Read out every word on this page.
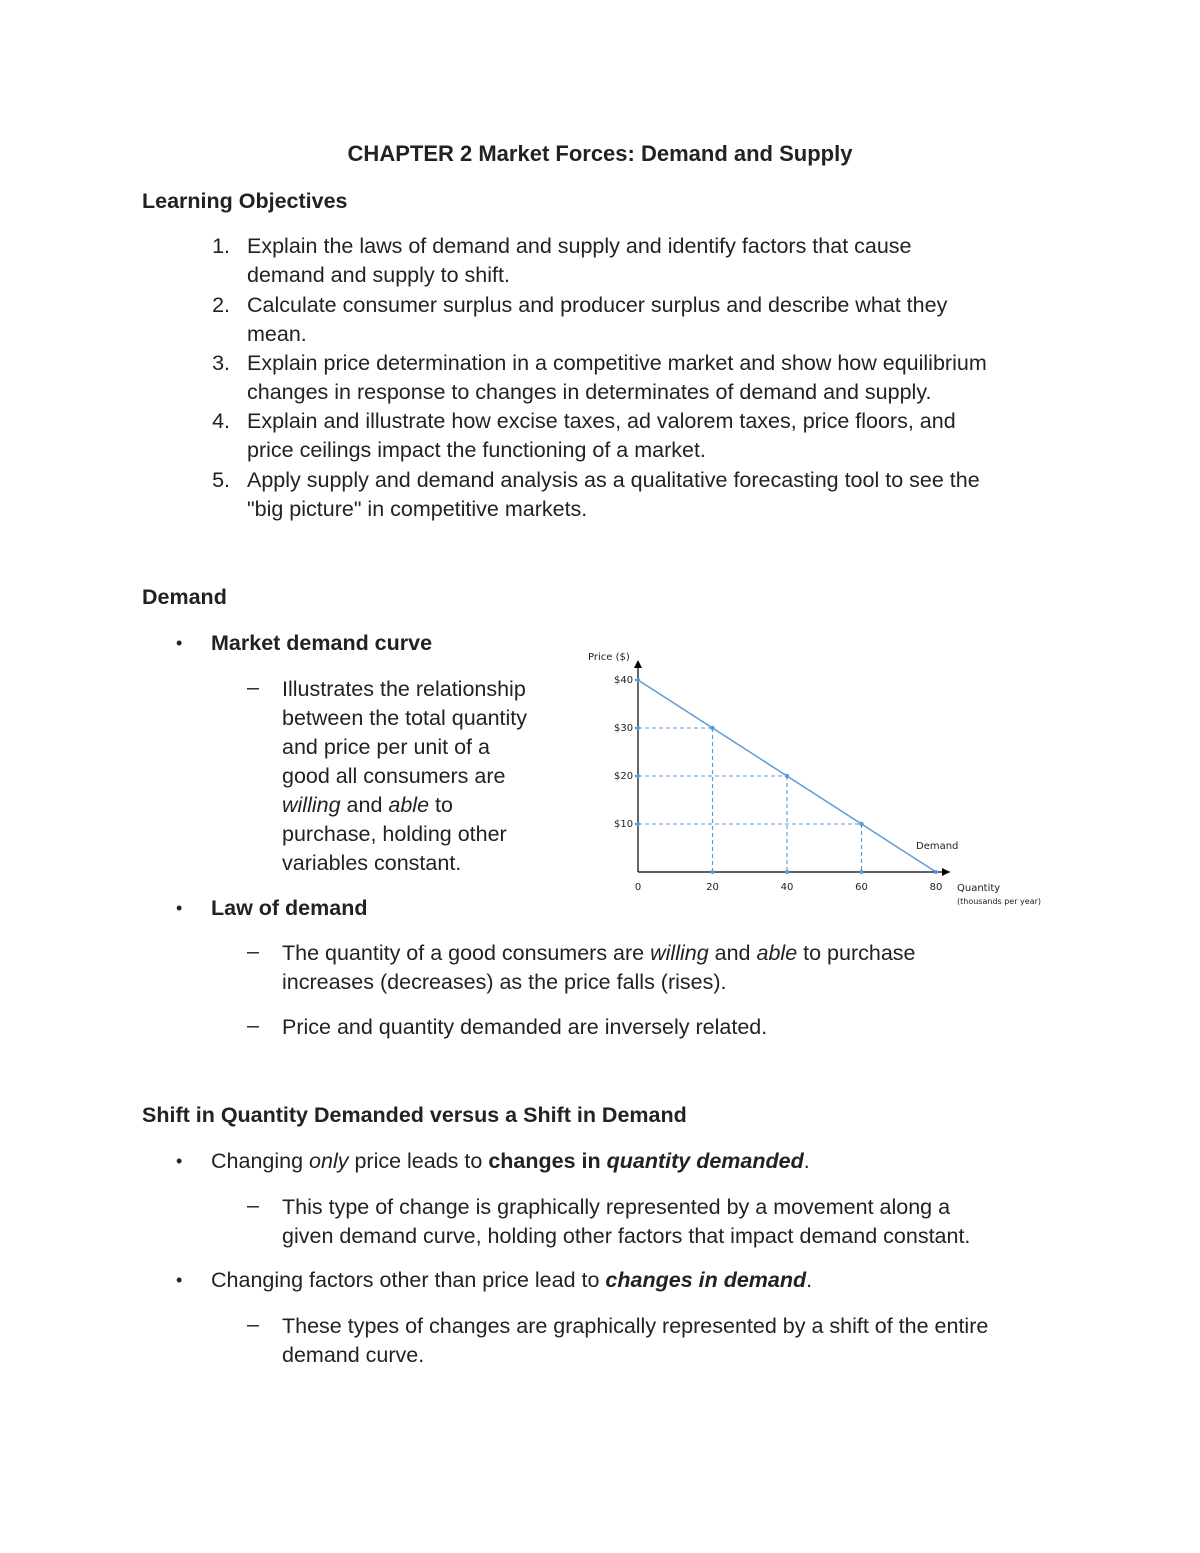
CHAPTER 2 Market Forces: Demand and Supply
Learning Objectives
1. Explain the laws of demand and supply and identify factors that cause
demand and supply to shift.
2. Calculate consumer surplus and producer surplus and describe what they
mean.
3. Explain price determination in a competitive market and show how equilibrium
changes in response to changes in determinates of demand and supply.
4. Explain and illustrate how excise taxes, ad valorem taxes, price floors, and
price ceilings impact the functioning of a market.
5. Apply supply and demand analysis as a qualitative forecasting tool to see the
"big picture" in competitive markets.
Demand
• Market demand curve
– Illustrates the relationship
between the total quantity
and price per unit of a
good all consumers are
willing and able to
purchase, holding other
variables constant.
Price ($)
Quantity
(thousands per year)
$40
$30
$20
$10
0	20	40	60	80
Demand
• Law of demand
– The quantity of a good consumers are willing and able to purchase
increases (decreases) as the price falls (rises).
– Price and quantity demanded are inversely related.
Shift in Quantity Demanded versus a Shift in Demand
• Changing only price leads to changes in quantity demanded.
– This type of change is graphically represented by a movement along a
given demand curve, holding other factors that impact demand constant.
• Changing factors other than price lead to changes in demand.
– These types of changes are graphically represented by a shift of the entire
demand curve.
